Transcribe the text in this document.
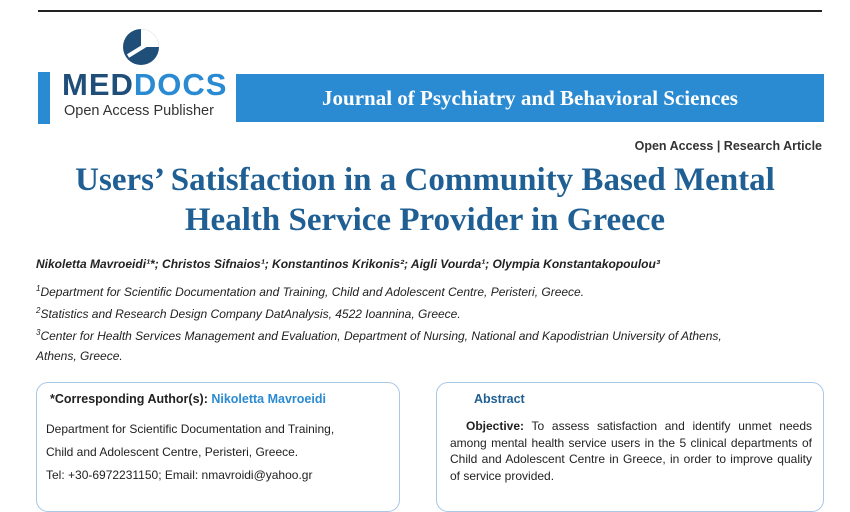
MEDDOCS
Open Access Publisher
Journal of Psychiatry and Behavioral Sciences
Open Access | Research Article
Users’ Satisfaction in a Community Based Mental
Health Service Provider in Greece
Nikoletta Mavroeidi¹*; Christos Sifnaios¹; Konstantinos Krikonis²; Aigli Vourda¹; Olympia Konstantakopoulou³
$^1$Department for Scientific Documentation and Training, Child and Adolescent Centre, Peristeri, Greece.
$^2$Statistics and Research Design Company DatAnalysis, 4522 Ioannina, Greece.
$^3$Center for Health Services Management and Evaluation, Department of Nursing, National and Kapodistrian University of Athens,
Athens, Greece.
*Corresponding Author(s): Nikoletta Mavroeidi
Department for Scientific Documentation and Training,
Child and Adolescent Centre, Peristeri, Greece.
Tel: +30-6972231150; Email: nmavroidi@yahoo.gr
Abstract
Objective: To assess satisfaction and identify unmet needs among mental health service users in the 5 clinical departments of Child and Adolescent Centre in Greece, in order to improve quality of service provided.
